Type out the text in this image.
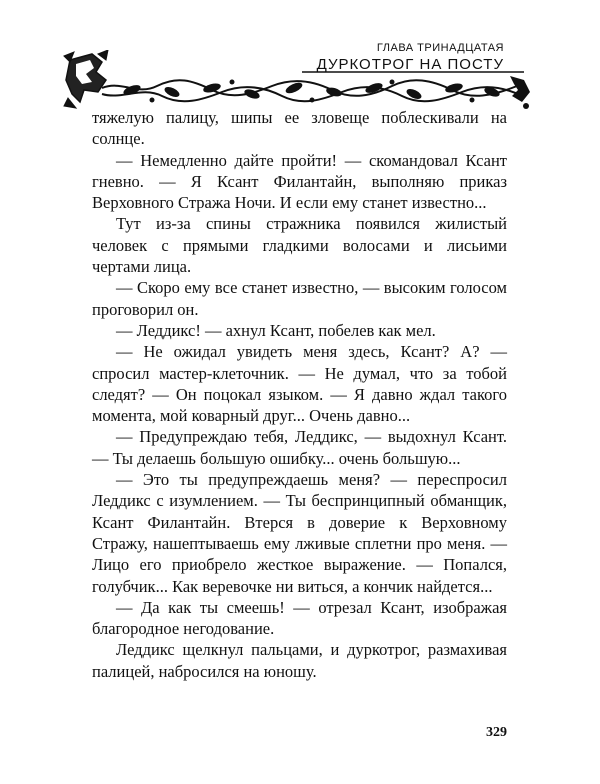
ГЛАВА ТРИНАДЦАТАЯ
ДУРКОТРОГ НА ПОСТУ

тяжелую палицу, шипы ее зловеще поблескивали на солнце.

— Немедленно дайте пройти! — скомандовал Ксант гневно. — Я Ксант Филантайн, выполняю приказ Верховного Стража Ночи. И если ему станет известно...

Тут из-за спины стражника появился жилистый человек с прямыми гладкими волосами и лисьими чертами лица.

— Скоро ему все станет известно, — высоким голосом проговорил он.

— Леддикс! — ахнул Ксант, побелев как мел.

— Не ожидал увидеть меня здесь, Ксант? А? — спросил мастер-клеточник. — Не думал, что за тобой следят? — Он поцокал языком. — Я давно ждал такого момента, мой коварный друг... Очень давно...

— Предупреждаю тебя, Леддикс, — выдохнул Ксант. — Ты делаешь большую ошибку... очень большую...

— Это ты предупреждаешь меня? — переспросил Леддикс с изумлением. — Ты беспринципный обманщик, Ксант Филантайн. Втерся в доверие к Верховному Стражу, нашептываешь ему лживые сплетни про меня. — Лицо его приобрело жесткое выражение. — Попался, голубчик... Как веревочке ни виться, а кончик найдется...

— Да как ты смеешь! — отрезал Ксант, изображая благородное негодование.

Леддикс щелкнул пальцами, и дуркотрог, размахивая палицей, набросился на юношу.

329
